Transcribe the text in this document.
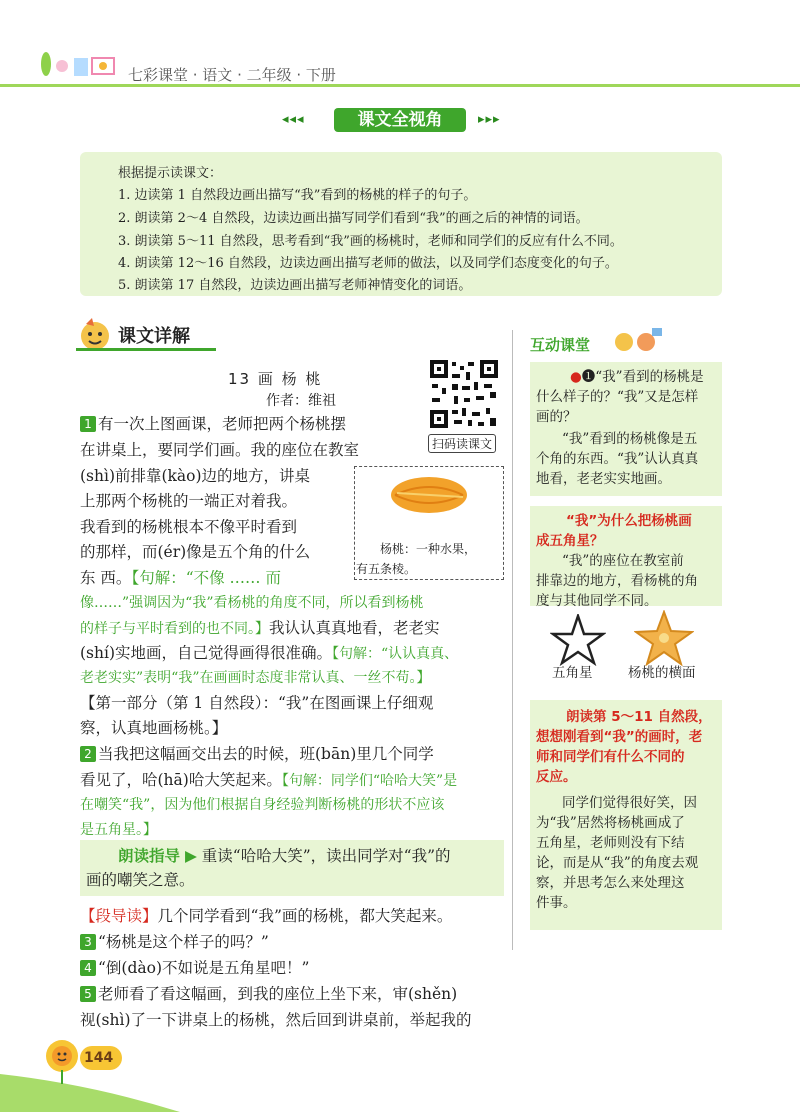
七彩课堂 · 语文 · 二年级 · 下册
◂◂◂	课文全视角	▸▸▸
根据提示读课文：
1. 边读第 1 自然段边画出描写“我”看到的杨桃的样子的句子。
2. 朗读第 2～4 自然段，边读边画出描写同学们看到“我”的画之后的神情的词语。
3. 朗读第 5～11 自然段，思考看到“我”画的杨桃时，老师和同学们的反应有什么不同。
4. 朗读第 12～16 自然段，边读边画出描写老师的做法，以及同学们态度变化的句子。
5. 朗读第 17 自然段，边读边画出描写老师神情变化的词语。
课文详解
13 画 杨 桃
作者：维祖
扫码读课文
杨桃：一种水果，
有五条棱。
1 有一次上图画课，老师把两个杨桃摆
在讲桌上，要同学们画。我的座位在教室
(shì)前排靠(kào)边的地方，讲桌
上那两个杨桃的一端正对着我。
我看到的杨桃根本不像平时看到
的那样，而(ér)像是五个角的什么
东 西。【句解：“不像 …… 而
像……”强调因为“我”看杨桃的角度不同，所以看到杨桃
的样子与平时看到的也不同。】我认认真真地看，老老实
(shí)实地画，自己觉得画得很准确。【句解：“认认真真、
老老实实”表明“我”在画画时态度非常认真、一丝不苟。】
【第一部分（第 1 自然段）：“我”在图画课上仔细观
察，认真地画杨桃。】
2 当我把这幅画交出去的时候，班(bān)里几个同学
看见了，哈(hā)哈大笑起来。【句解：同学们“哈哈大笑”是
在嘲笑“我”，因为他们根据自身经验判断杨桃的形状不应该
是五角星。】
朗读指导 ▶ 重读“哈哈大笑”，读出同学对“我”的
画的嘲笑之意。
【段导读】几个同学看到“我”画的杨桃，都大笑起来。
3 “杨桃是这个样子的吗？”
4 “倒(dào)不如说是五角星吧！”
5 老师看了看这幅画，到我的座位上坐下来，审(shěn)
视(shì)了一下讲桌上的杨桃，然后回到讲桌前，举起我的
互动课堂
●❶“我”看到的杨桃是
什么样子的？“我”又是怎样
画的？
“我”看到的杨桃像是五
个角的东西。“我”认认真真
地看，老老实实地画。
“我”为什么把杨桃画
成五角星？
“我”的座位在教室前
排靠边的地方，看杨桃的角
度与其他同学不同。
五角星	杨桃的横面
朗读第 5～11 自然段，
想想刚看到“我”的画时，老
师和同学们有什么不同的
反应。
同学们觉得很好笑，因
为“我”居然将杨桃画成了
五角星，老师则没有下结
论，而是从“我”的角度去观
察，并思考怎么来处理这
件事。
144
